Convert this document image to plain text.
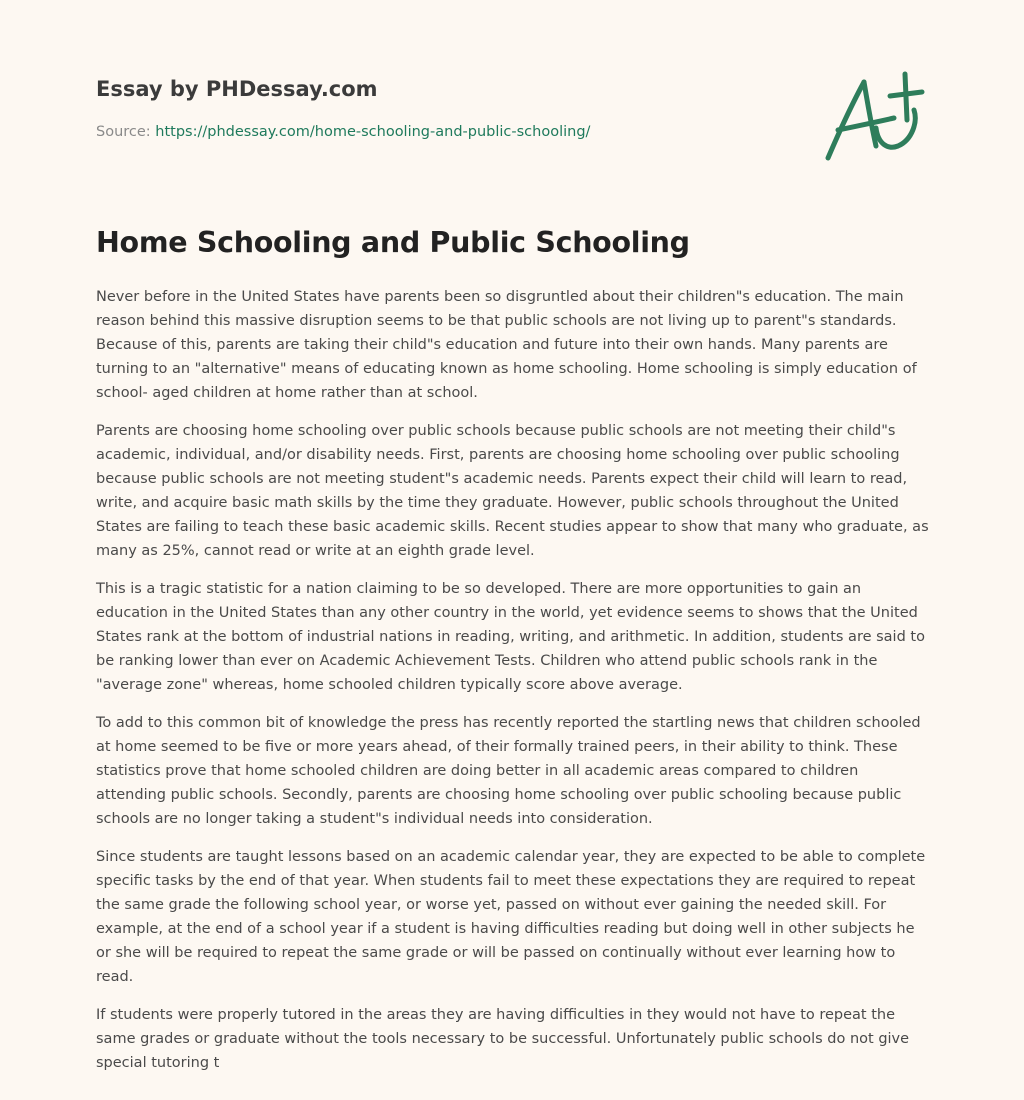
Essay by PHDessay.com

Source: https://phdessay.com/home-schooling-and-public-schooling/

Home Schooling and Public Schooling

Never before in the United States have parents been so disgruntled about their children"s education. The main reason behind this massive disruption seems to be that public schools are not living up to parent"s standards. Because of this, parents are taking their child"s education and future into their own hands. Many parents are turning to an "alternative" means of educating known as home schooling. Home schooling is simply education of school- aged children at home rather than at school.

Parents are choosing home schooling over public schools because public schools are not meeting their child"s academic, individual, and/or disability needs. First, parents are choosing home schooling over public schooling because public schools are not meeting student"s academic needs. Parents expect their child will learn to read, write, and acquire basic math skills by the time they graduate. However, public schools throughout the United States are failing to teach these basic academic skills. Recent studies appear to show that many who graduate, as many as 25%, cannot read or write at an eighth grade level.

This is a tragic statistic for a nation claiming to be so developed. There are more opportunities to gain an education in the United States than any other country in the world, yet evidence seems to shows that the United States rank at the bottom of industrial nations in reading, writing, and arithmetic. In addition, students are said to be ranking lower than ever on Academic Achievement Tests. Children who attend public schools rank in the "average zone" whereas, home schooled children typically score above average.

To add to this common bit of knowledge the press has recently reported the startling news that children schooled at home seemed to be five or more years ahead, of their formally trained peers, in their ability to think. These statistics prove that home schooled children are doing better in all academic areas compared to children attending public schools. Secondly, parents are choosing home schooling over public schooling because public schools are no longer taking a student"s individual needs into consideration.

Since students are taught lessons based on an academic calendar year, they are expected to be able to complete specific tasks by the end of that year. When students fail to meet these expectations they are required to repeat the same grade the following school year, or worse yet, passed on without ever gaining the needed skill. For example, at the end of a school year if a student is having difficulties reading but doing well in other subjects he or she will be required to repeat the same grade or will be passed on continually without ever learning how to read.

If students were properly tutored in the areas they are having difficulties in they would not have to repeat the same grades or graduate without the tools necessary to be successful. Unfortunately public schools do not give special tutoring t
